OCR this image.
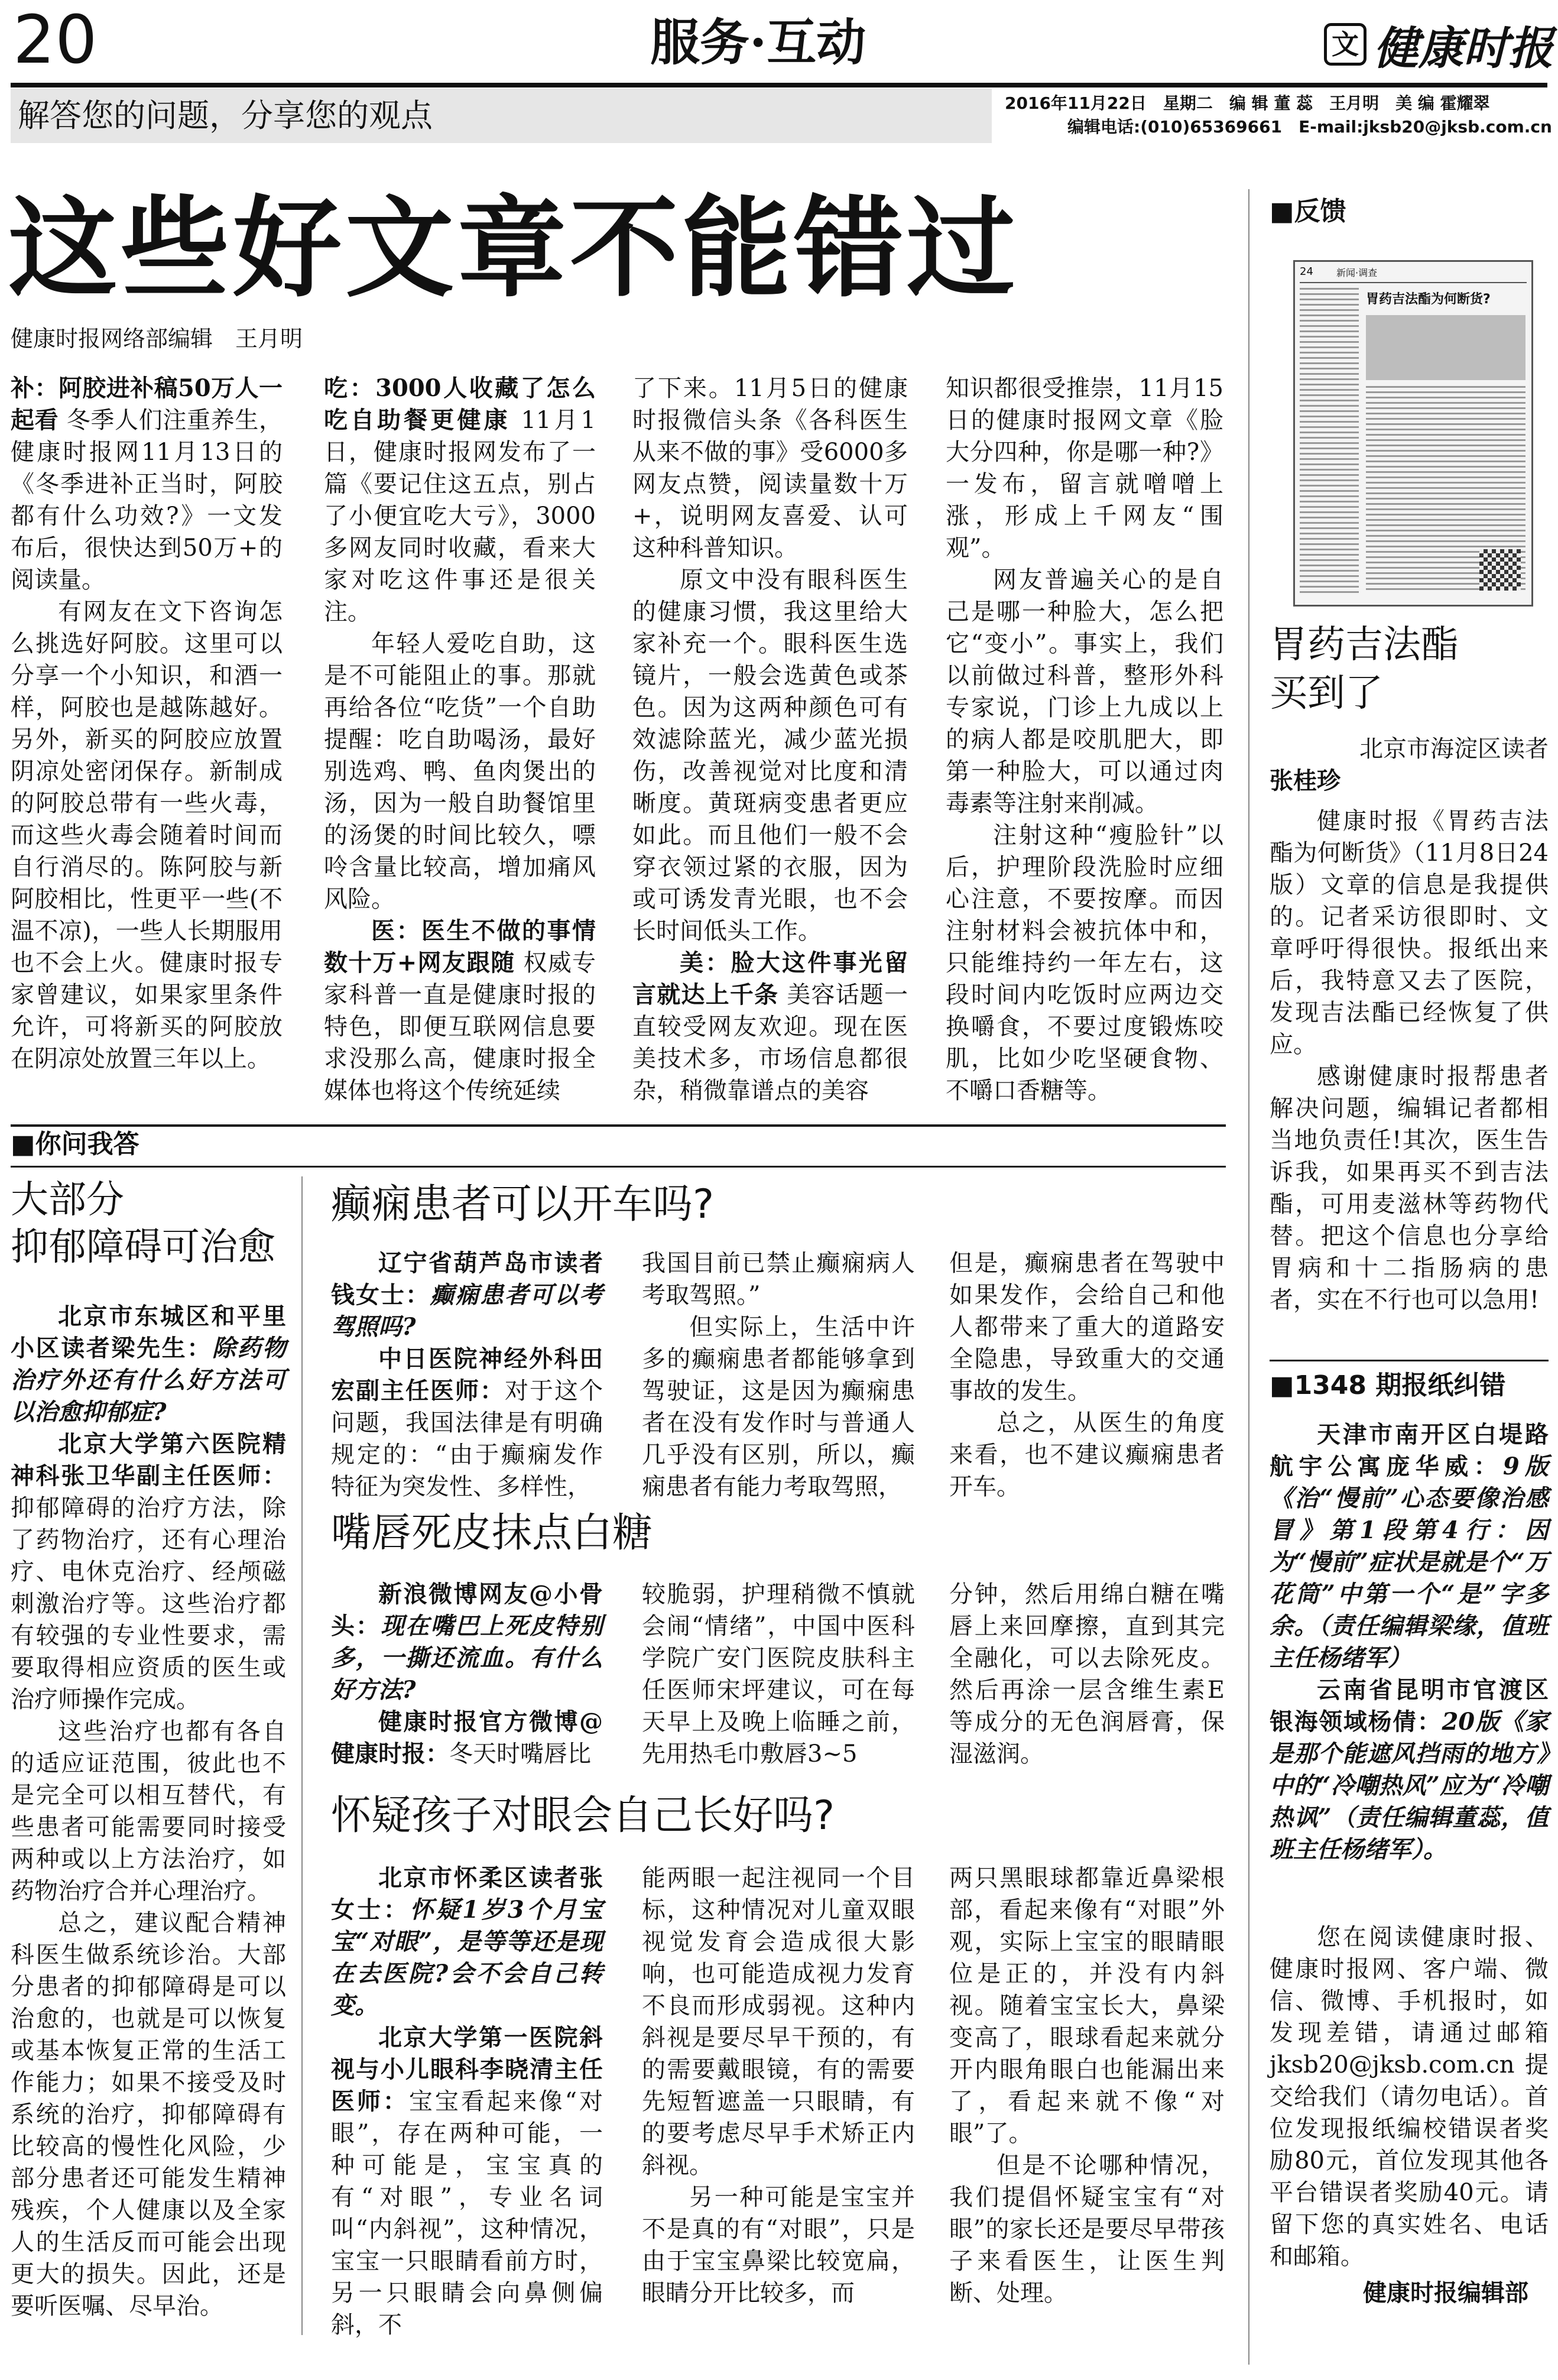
20	服务·互动	文 健康时报
解答您的问题，分享您的观点	2016年11月22日　星期二　编 辑 董 蕊　王月明　美 编 霍耀翠
编辑电话:(010)65369661　E-mail:jksb20@jksb.com.cn
这些好文章不能错过
健康时报网络部编辑　王月明

补：阿胶进补稿50万人一起看 冬季人们注重养生，健康时报网11月13日的《冬季进补正当时，阿胶都有什么功效?》一文发布后，很快达到50万+的阅读量。

有网友在文下咨询怎么挑选好阿胶。这里可以分享一个小知识，和酒一样，阿胶也是越陈越好。另外，新买的阿胶应放置阴凉处密闭保存。新制成的阿胶总带有一些火毒，而这些火毒会随着时间而自行消尽的。陈阿胶与新阿胶相比，性更平一些(不温不凉)，一些人长期服用也不会上火。健康时报专家曾建议，如果家里条件允许，可将新买的阿胶放在阴凉处放置三年以上。

吃：3000人收藏了怎么吃自助餐更健康 11月1日，健康时报网发布了一篇《要记住这五点，别占了小便宜吃大亏》，3000多网友同时收藏，看来大家对吃这件事还是很关注。

年轻人爱吃自助，这是不可能阻止的事。那就再给各位“吃货”一个自助提醒：吃自助喝汤，最好别选鸡、鸭、鱼肉煲出的汤，因为一般自助餐馆里的汤煲的时间比较久，嘌呤含量比较高，增加痛风风险。

医：医生不做的事情数十万+网友跟随 权威专家科普一直是健康时报的特色，即便互联网信息要求没那么高，健康时报全媒体也将这个传统延续

了下来。11月5日的健康时报微信头条《各科医生从来不做的事》受6000多网友点赞，阅读量数十万+，说明网友喜爱、认可这种科普知识。

原文中没有眼科医生的健康习惯，我这里给大家补充一个。眼科医生选镜片，一般会选黄色或茶色。因为这两种颜色可有效滤除蓝光，减少蓝光损伤，改善视觉对比度和清晰度。黄斑病变患者更应如此。而且他们一般不会穿衣领过紧的衣服，因为或可诱发青光眼，也不会长时间低头工作。

美：脸大这件事光留言就达上千条 美容话题一直较受网友欢迎。现在医美技术多，市场信息都很杂，稍微靠谱点的美容

知识都很受推崇，11月15日的健康时报网文章《脸大分四种，你是哪一种?》一发布，留言就噌噌上涨，形成上千网友“围观”。

网友普遍关心的是自己是哪一种脸大，怎么把它“变小”。事实上，我们以前做过科普，整形外科专家说，门诊上九成以上的病人都是咬肌肥大，即第一种脸大，可以通过肉毒素等注射来削减。

注射这种“瘦脸针”以后，护理阶段洗脸时应细心注意，不要按摩。而因注射材料会被抗体中和，只能维持约一年左右，这段时间内吃饭时应两边交换嚼食，不要过度锻炼咬肌，比如少吃坚硬食物、不嚼口香糖等。

■你问我答
大部分
抑郁障碍可治愈

北京市东城区和平里小区读者梁先生：除药物治疗外还有什么好方法可以治愈抑郁症?

北京大学第六医院精神科张卫华副主任医师：抑郁障碍的治疗方法，除了药物治疗，还有心理治疗、电休克治疗、经颅磁刺激治疗等。这些治疗都有较强的专业性要求，需要取得相应资质的医生或治疗师操作完成。

这些治疗也都有各自的适应证范围，彼此也不是完全可以相互替代，有些患者可能需要同时接受两种或以上方法治疗，如药物治疗合并心理治疗。

总之，建议配合精神科医生做系统诊治。大部分患者的抑郁障碍是可以治愈的，也就是可以恢复或基本恢复正常的生活工作能力；如果不接受及时系统的治疗，抑郁障碍有比较高的慢性化风险，少部分患者还可能发生精神残疾，个人健康以及全家人的生活反而可能会出现更大的损失。因此，还是要听医嘱、尽早治。

癫痫患者可以开车吗?

辽宁省葫芦岛市读者钱女士：癫痫患者可以考驾照吗?

中日医院神经外科田宏副主任医师：对于这个问题，我国法律是有明确规定的：“由于癫痫发作特征为突发性、多样性，

我国目前已禁止癫痫病人考取驾照。”

但实际上，生活中许多的癫痫患者都能够拿到驾驶证，这是因为癫痫患者在没有发作时与普通人几乎没有区别，所以，癫痫患者有能力考取驾照，

但是，癫痫患者在驾驶中如果发作，会给自己和他人都带来了重大的道路安全隐患，导致重大的交通事故的发生。

总之，从医生的角度来看，也不建议癫痫患者开车。

嘴唇死皮抹点白糖

新浪微博网友@小骨头：现在嘴巴上死皮特别多，一撕还流血。有什么好方法?

健康时报官方微博@健康时报：冬天时嘴唇比

较脆弱，护理稍微不慎就会闹“情绪”，中国中医科学院广安门医院皮肤科主任医师宋坪建议，可在每天早上及晚上临睡之前，先用热毛巾敷唇3~5

分钟，然后用绵白糖在嘴唇上来回摩擦，直到其完全融化，可以去除死皮。然后再涂一层含维生素E等成分的无色润唇膏，保湿滋润。

怀疑孩子对眼会自己长好吗?

北京市怀柔区读者张女士：怀疑1岁3个月宝宝“对眼”，是等等还是现在去医院?会不会自己转变。

北京大学第一医院斜视与小儿眼科李晓清主任医师：宝宝看起来像“对眼”，存在两种可能，一种可能是，宝宝真的有“对眼”，专业名词叫“内斜视”，这种情况，宝宝一只眼睛看前方时，另一只眼睛会向鼻侧偏斜，不

能两眼一起注视同一个目标，这种情况对儿童双眼视觉发育会造成很大影响，也可能造成视力发育不良而形成弱视。这种内斜视是要尽早干预的，有的需要戴眼镜，有的需要先短暂遮盖一只眼睛，有的要考虑尽早手术矫正内斜视。

另一种可能是宝宝并不是真的有“对眼”，只是由于宝宝鼻梁比较宽扁，眼睛分开比较多，而

两只黑眼球都靠近鼻梁根部，看起来像有“对眼”外观，实际上宝宝的眼睛眼位是正的，并没有内斜视。随着宝宝长大，鼻梁变高了，眼球看起来就分开内眼角眼白也能漏出来了，看起来就不像“对眼”了。

但是不论哪种情况，我们提倡怀疑宝宝有“对眼”的家长还是要尽早带孩子来看医生，让医生判断、处理。

■反馈
24 新闻·调查
胃药吉法酯为何断货?
胃药吉法酯
买到了

北京市海淀区读者

张桂珍

健康时报《胃药吉法酯为何断货》（11月8日24版）文章的信息是我提供的。记者采访很即时、文章呼吁得很快。报纸出来后，我特意又去了医院，发现吉法酯已经恢复了供应。

感谢健康时报帮患者解决问题，编辑记者都相当地负责任!其次，医生告诉我，如果再买不到吉法酯，可用麦滋林等药物代替。把这个信息也分享给胃病和十二指肠病的患者，实在不行也可以急用!

■1348 期报纸纠错

天津市南开区白堤路航宇公寓庞华威：9版《治“慢前”心态要像治感冒》第1段第4行：因为“慢前”症状是就是个“万花筒”中第一个“是”字多余。（责任编辑梁缘，值班主任杨绪军）

云南省昆明市官渡区银海领域杨倩：20版《家是那个能遮风挡雨的地方》中的“冷嘲热风”应为“冷嘲热讽”（责任编辑董蕊，值班主任杨绪军）。

您在阅读健康时报、健康时报网、客户端、微信、微博、手机报时，如发现差错，请通过邮箱jksb20@jksb.com.cn提交给我们（请勿电话）。首位发现报纸编校错误者奖励80元，首位发现其他各平台错误者奖励40元。请留下您的真实姓名、电话和邮箱。

健康时报编辑部
